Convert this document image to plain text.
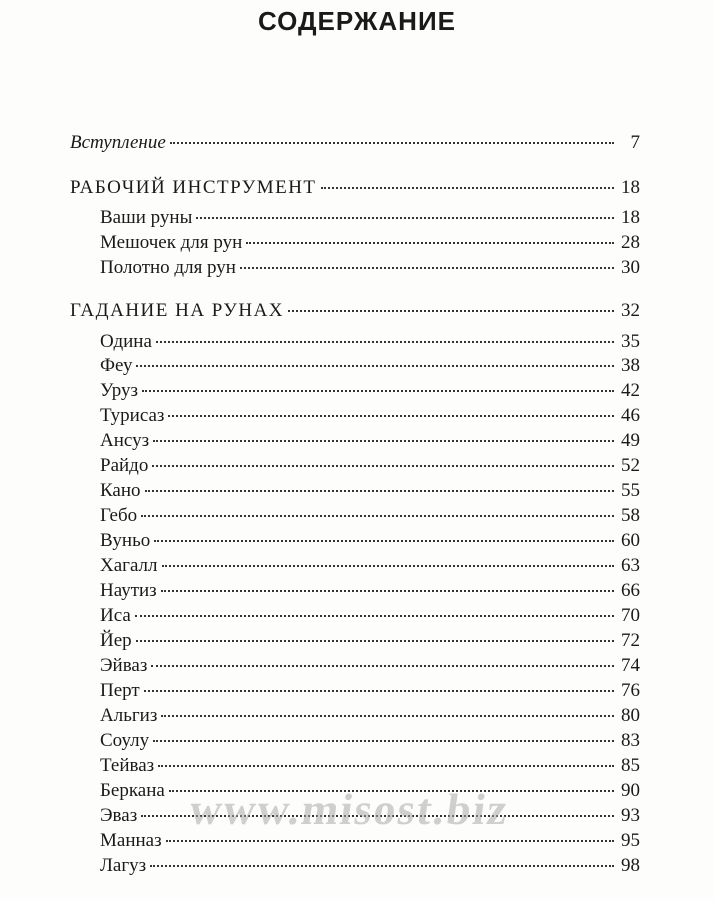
СОДЕРЖАНИЕ
Вступление	7
РАБОЧИЙ ИНСТРУМЕНТ	18
Ваши руны	18
Мешочек для рун	28
Полотно для рун	30
ГАДАНИЕ НА РУНАХ	32
Одина	35
Феу	38
Уруз	42
Турисаз	46
Ансуз	49
Райдо	52
Кано	55
Гебо	58
Вуньо	60
Хагалл	63
Наутиз	66
Иса	70
Йер	72
Эйваз	74
Перт	76
Альгиз	80
Соулу	83
Тейваз	85
Беркана	90
Эваз	93
Манназ	95
Лагуз	98
www.misost.biz
